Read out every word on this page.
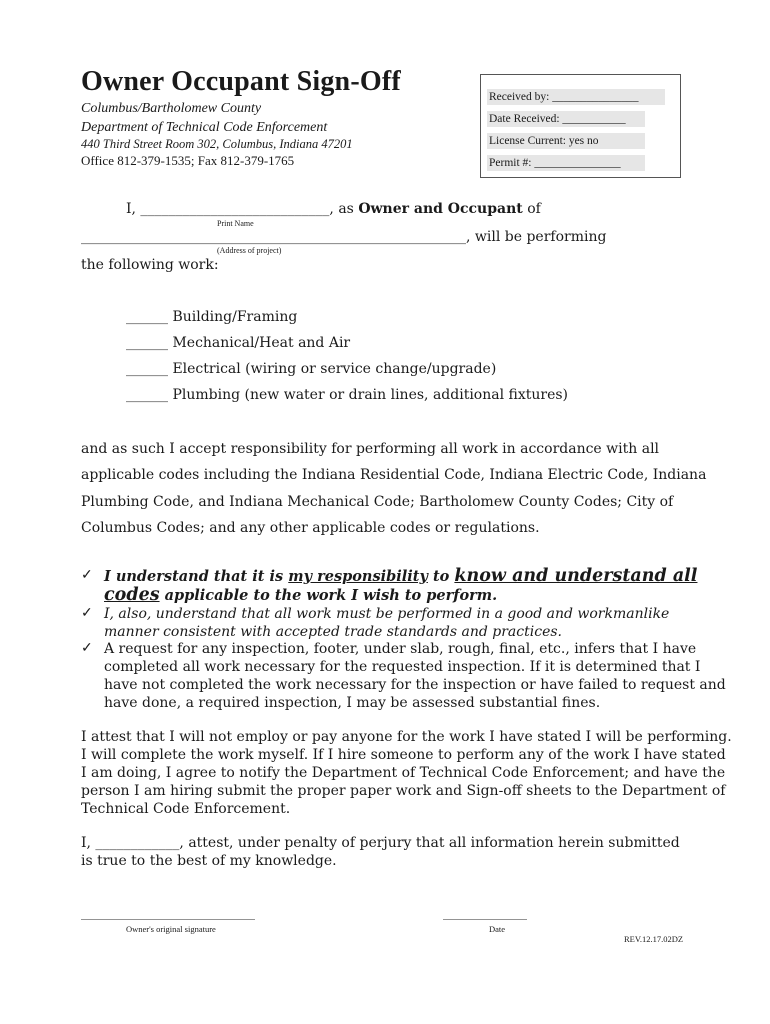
Owner Occupant Sign-Off
Columbus/Bartholomew County
Department of Technical Code Enforcement
440 Third Street Room 302, Columbus, Indiana 47201
Office 812-379-1535; Fax 812-379-1765
Received by: _______________
Date Received: ___________
License Current: yes no
Permit #: _______________
I, ___________________________, as Owner and Occupant of
Print Name
_______________________________________________________, will be performing
(Address of project)
the following work:
______ Building/Framing
______ Mechanical/Heat and Air
______ Electrical (wiring or service change/upgrade)
______ Plumbing (new water or drain lines, additional fixtures)
and as such I accept responsibility for performing all work in accordance with all
applicable codes including the Indiana Residential Code, Indiana Electric Code, Indiana
Plumbing Code, and Indiana Mechanical Code; Bartholomew County Codes; City of
Columbus Codes; and any other applicable codes or regulations.
✓ I understand that it is my responsibility to know and understand all
codes applicable to the work I wish to perform.
✓ I, also, understand that all work must be performed in a good and workmanlike
manner consistent with accepted trade standards and practices.
✓ A request for any inspection, footer, under slab, rough, final, etc., infers that I have
completed all work necessary for the requested inspection. If it is determined that I
have not completed the work necessary for the inspection or have failed to request and
have done, a required inspection, I may be assessed substantial fines.
I attest that I will not employ or pay anyone for the work I have stated I will be performing.
I will complete the work myself. If I hire someone to perform any of the work I have stated
I am doing, I agree to notify the Department of Technical Code Enforcement; and have the
person I am hiring submit the proper paper work and Sign-off sheets to the Department of
Technical Code Enforcement.
I, ____________, attest, under penalty of perjury that all information herein submitted
is true to the best of my knowledge.
_____________________________
Owner's original signature
______________
Date
REV.12.17.02DZ
